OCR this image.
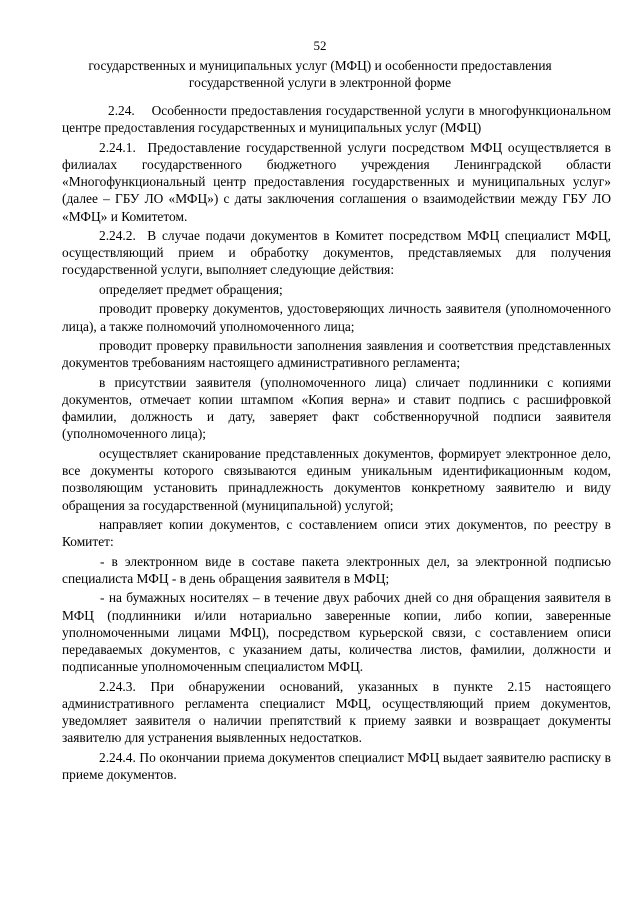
52
государственных и муниципальных услуг (МФЦ) и особенности предоставления государственной услуги в электронной форме

2.24.    Особенности предоставления государственной услуги в многофункциональном центре предоставления государственных и муниципальных услуг (МФЦ)

2.24.1.  Предоставление государственной услуги посредством МФЦ осуществляется в филиалах государственного бюджетного учреждения Ленинградской области «Многофункциональный центр предоставления государственных и муниципальных услуг» (далее – ГБУ ЛО «МФЦ») с даты заключения соглашения о взаимодействии между ГБУ ЛО «МФЦ» и Комитетом.

2.24.2.  В случае подачи документов в Комитет посредством МФЦ специалист МФЦ, осуществляющий прием и обработку документов, представляемых для получения государственной услуги, выполняет следующие действия:

определяет предмет обращения;

проводит проверку документов, удостоверяющих личность заявителя (уполномоченного лица), а также полномочий уполномоченного лица;

проводит проверку правильности заполнения заявления и соответствия представленных документов требованиям настоящего административного регламента;

в присутствии заявителя (уполномоченного лица) сличает подлинники с копиями документов, отмечает копии штампом «Копия верна» и ставит подпись с расшифровкой фамилии, должность и дату, заверяет факт собственноручной подписи заявителя (уполномоченного лица);

осуществляет сканирование представленных документов, формирует электронное дело, все документы которого связываются единым уникальным идентификационным кодом, позволяющим установить принадлежность документов конкретному заявителю и виду обращения за государственной (муниципальной) услугой;

направляет копии документов, с составлением описи этих документов, по реестру в Комитет:

- в электронном виде в составе пакета электронных дел, за электронной подписью специалиста МФЦ - в день обращения заявителя в МФЦ;

- на бумажных носителях – в течение двух рабочих дней со дня обращения заявителя в МФЦ (подлинники и/или нотариально заверенные копии, либо копии, заверенные уполномоченными лицами МФЦ), посредством курьерской связи, с составлением описи передаваемых документов, с указанием даты, количества листов, фамилии, должности и подписанные уполномоченным специалистом МФЦ.

2.24.3. При обнаружении оснований, указанных в пункте 2.15 настоящего административного регламента специалист МФЦ, осуществляющий прием документов, уведомляет заявителя о наличии препятствий к приему заявки и возвращает документы заявителю для устранения выявленных недостатков.

2.24.4. По окончании приема документов специалист МФЦ выдает заявителю расписку в приеме документов.
